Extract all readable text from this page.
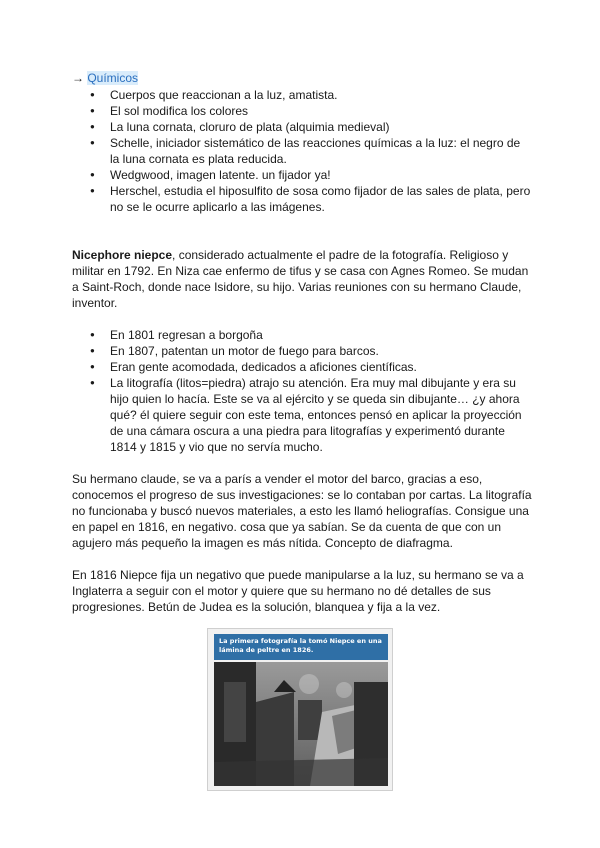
→ Químicos
● Cuerpos que reaccionan a la luz, amatista.
● El sol modifica los colores
● La luna cornata, cloruro de plata (alquimia medieval)
● Schelle, iniciador sistemático de las reacciones químicas a la luz: el negro de la luna cornata es plata reducida.
● Wedgwood, imagen latente. un fijador ya!
● Herschel, estudia el hiposulfito de sosa como fijador de las sales de plata, pero no se le ocurre aplicarlo a las imágenes.

Nicephore niepce, considerado actualmente el padre de la fotografía. Religioso y militar en 1792. En Niza cae enfermo de tifus y se casa con Agnes Romeo. Se mudan a Saint-Roch, donde nace Isidore, su hijo. Varias reuniones con su hermano Claude, inventor.

● En 1801 regresan a borgoña
● En 1807, patentan un motor de fuego para barcos.
● Eran gente acomodada, dedicados a aficiones científicas.
● La litografía (litos=piedra) atrajo su atención. Era muy mal dibujante y era su hijo quien lo hacía. Este se va al ejército y se queda sin dibujante… ¿y ahora qué? él quiere seguir con este tema, entonces pensó en aplicar la proyección de una cámara oscura a una piedra para litografías y experimentó durante 1814 y 1815 y vio que no servía mucho.

Su hermano claude, se va a parís a vender el motor del barco, gracias a eso, conocemos el progreso de sus investigaciones: se lo contaban por cartas. La litografía no funcionaba y buscó nuevos materiales, a esto les llamó heliografías. Consigue una en papel en 1816, en negativo. cosa que ya sabían. Se da cuenta de que con un agujero más pequeño la imagen es más nítida. Concepto de diafragma.

En 1816 Niepce fija un negativo que puede manipularse a la luz, su hermano se va a Inglaterra a seguir con el motor y quiere que su hermano no dé detalles de sus progresiones. Betún de Judea es la solución, blanquea y fija a la vez.

La primera fotografía la tomó Niepce en una lámina de peltre en 1826.
